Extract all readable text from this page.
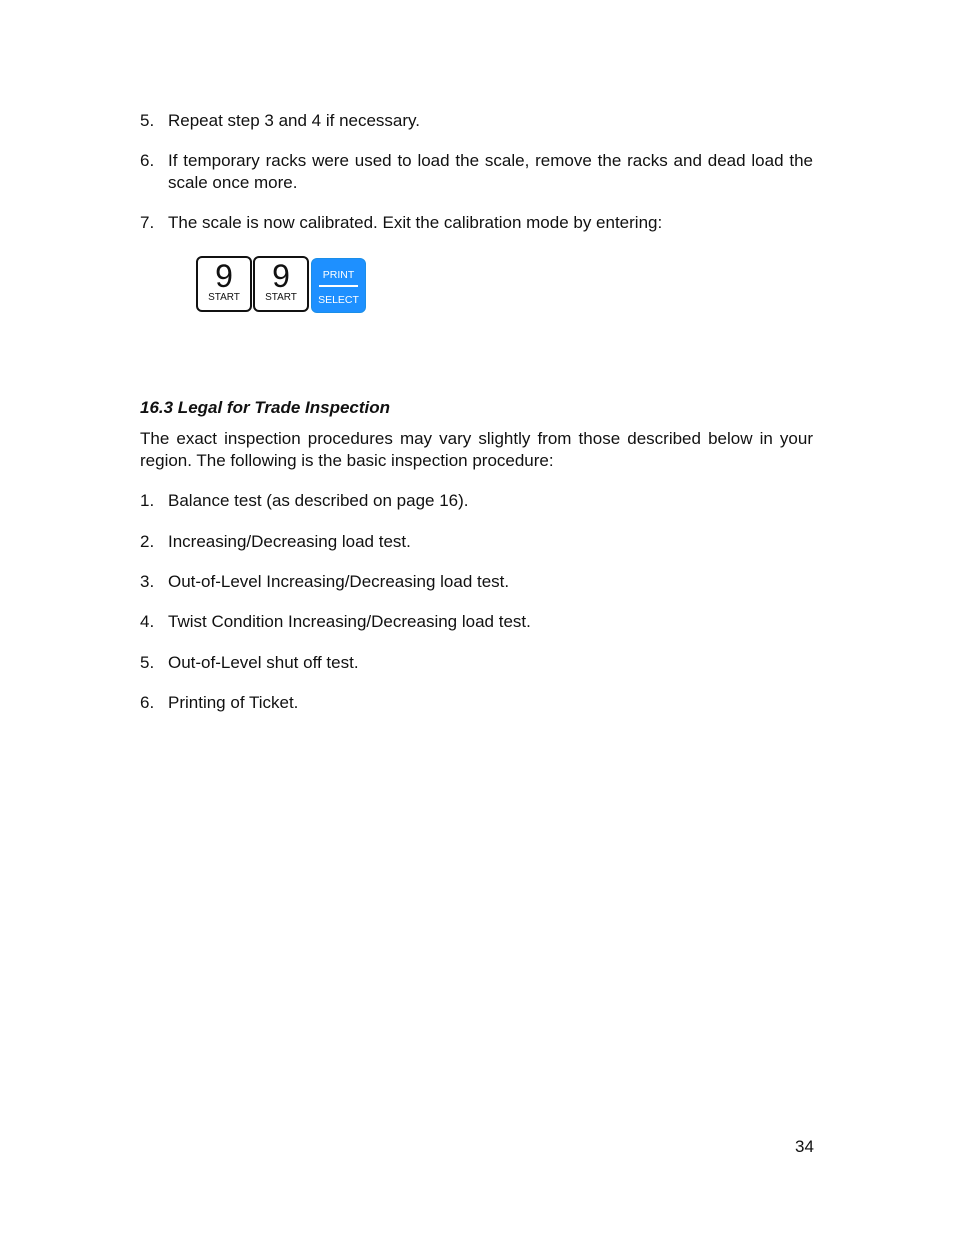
5. Repeat step 3 and 4 if necessary.
6. If temporary racks were used to load the scale, remove the racks and dead load the scale once more.
7. The scale is now calibrated. Exit the calibration mode by entering:
9
START
9
START
PRINT
SELECT
16.3 Legal for Trade Inspection
The exact inspection procedures may vary slightly from those described below in your region. The following is the basic inspection procedure:
1. Balance test (as described on page 16).
2. Increasing/Decreasing load test.
3. Out-of-Level Increasing/Decreasing load test.
4. Twist Condition Increasing/Decreasing load test.
5. Out-of-Level shut off test.
6. Printing of Ticket.
34
